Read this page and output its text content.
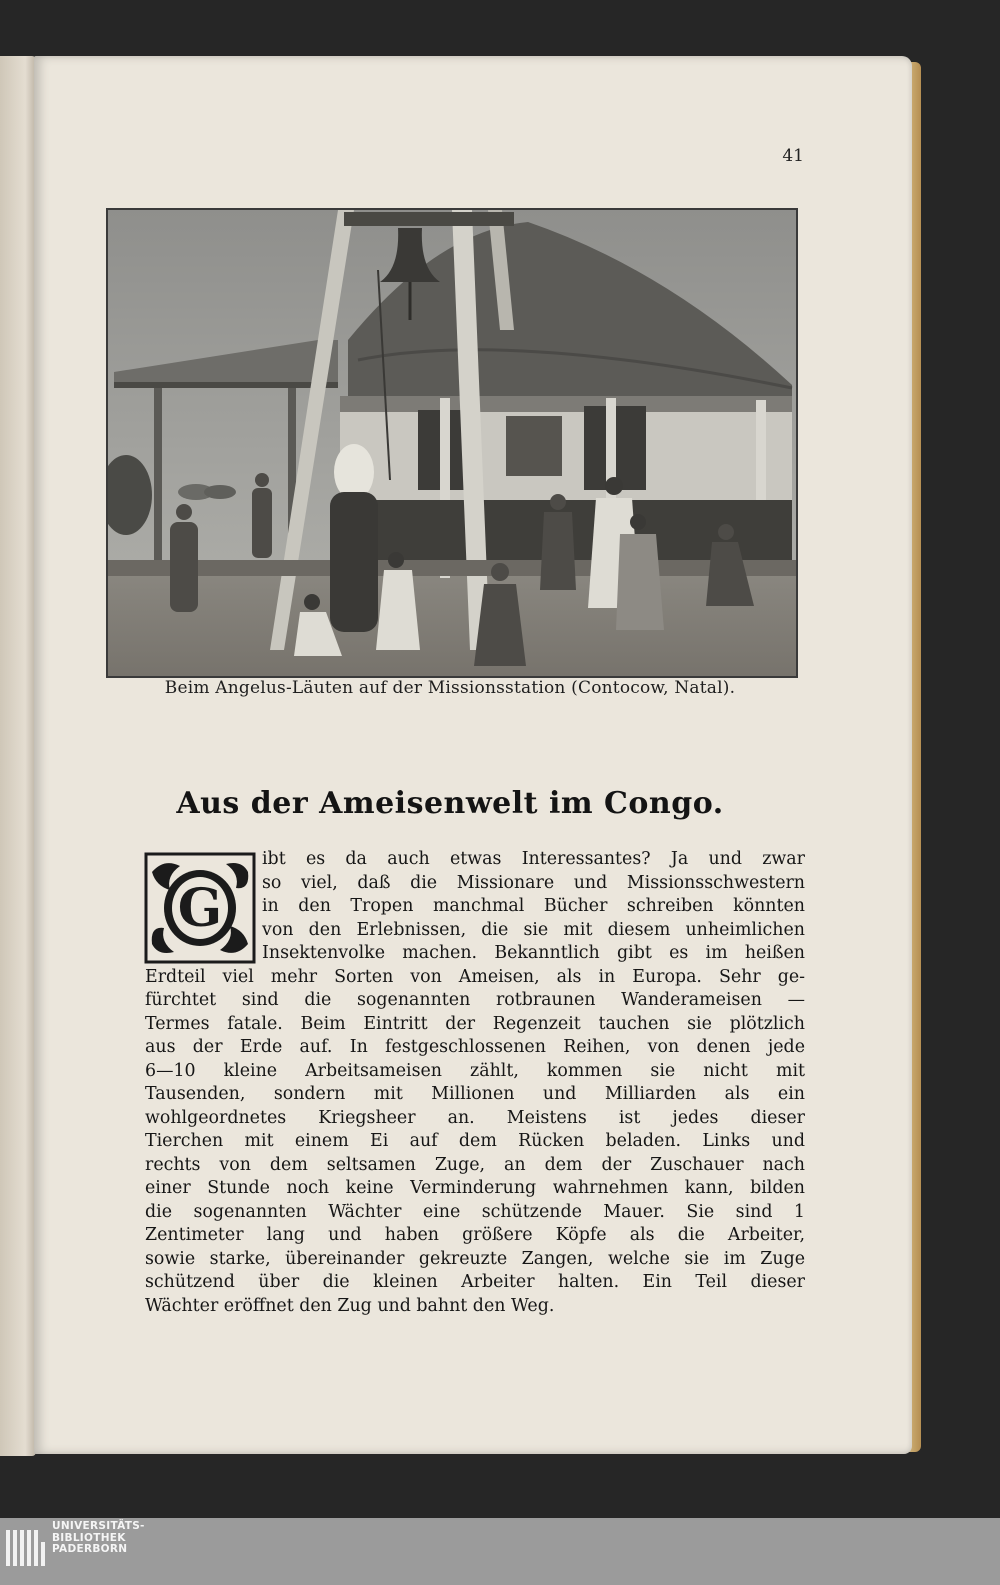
41
Beim Angelus-Läuten auf der Missionsstation (Contocow, Natal).
Aus der Ameisenwelt im Congo.
G
ibt es da auch etwas Interessantes? Ja und zwar
so viel, daß die Missionare und Missionsschwestern
in den Tropen manchmal Bücher schreiben könnten
von den Erlebnissen, die sie mit diesem unheimlichen
Insektenvolke machen. Bekanntlich gibt es im heißen
Erdteil viel mehr Sorten von Ameisen, als in Europa. Sehr ge-
fürchtet sind die sogenannten rotbraunen Wanderameisen —
Termes fatale. Beim Eintritt der Regenzeit tauchen sie plötzlich
aus der Erde auf. In festgeschlossenen Reihen, von denen jede
6—10 kleine Arbeitsameisen zählt, kommen sie nicht mit
Tausenden, sondern mit Millionen und Milliarden als ein
wohlgeordnetes Kriegsheer an. Meistens ist jedes dieser
Tierchen mit einem Ei auf dem Rücken beladen. Links und
rechts von dem seltsamen Zuge, an dem der Zuschauer nach
einer Stunde noch keine Verminderung wahrnehmen kann, bilden
die sogenannten Wächter eine schützende Mauer. Sie sind 1
Zentimeter lang und haben größere Köpfe als die Arbeiter,
sowie starke, übereinander gekreuzte Zangen, welche sie im Zuge
schützend über die kleinen Arbeiter halten. Ein Teil dieser
Wächter eröffnet den Zug und bahnt den Weg.
UNIVERSITÄTS-
BIBLIOTHEK
PADERBORN
